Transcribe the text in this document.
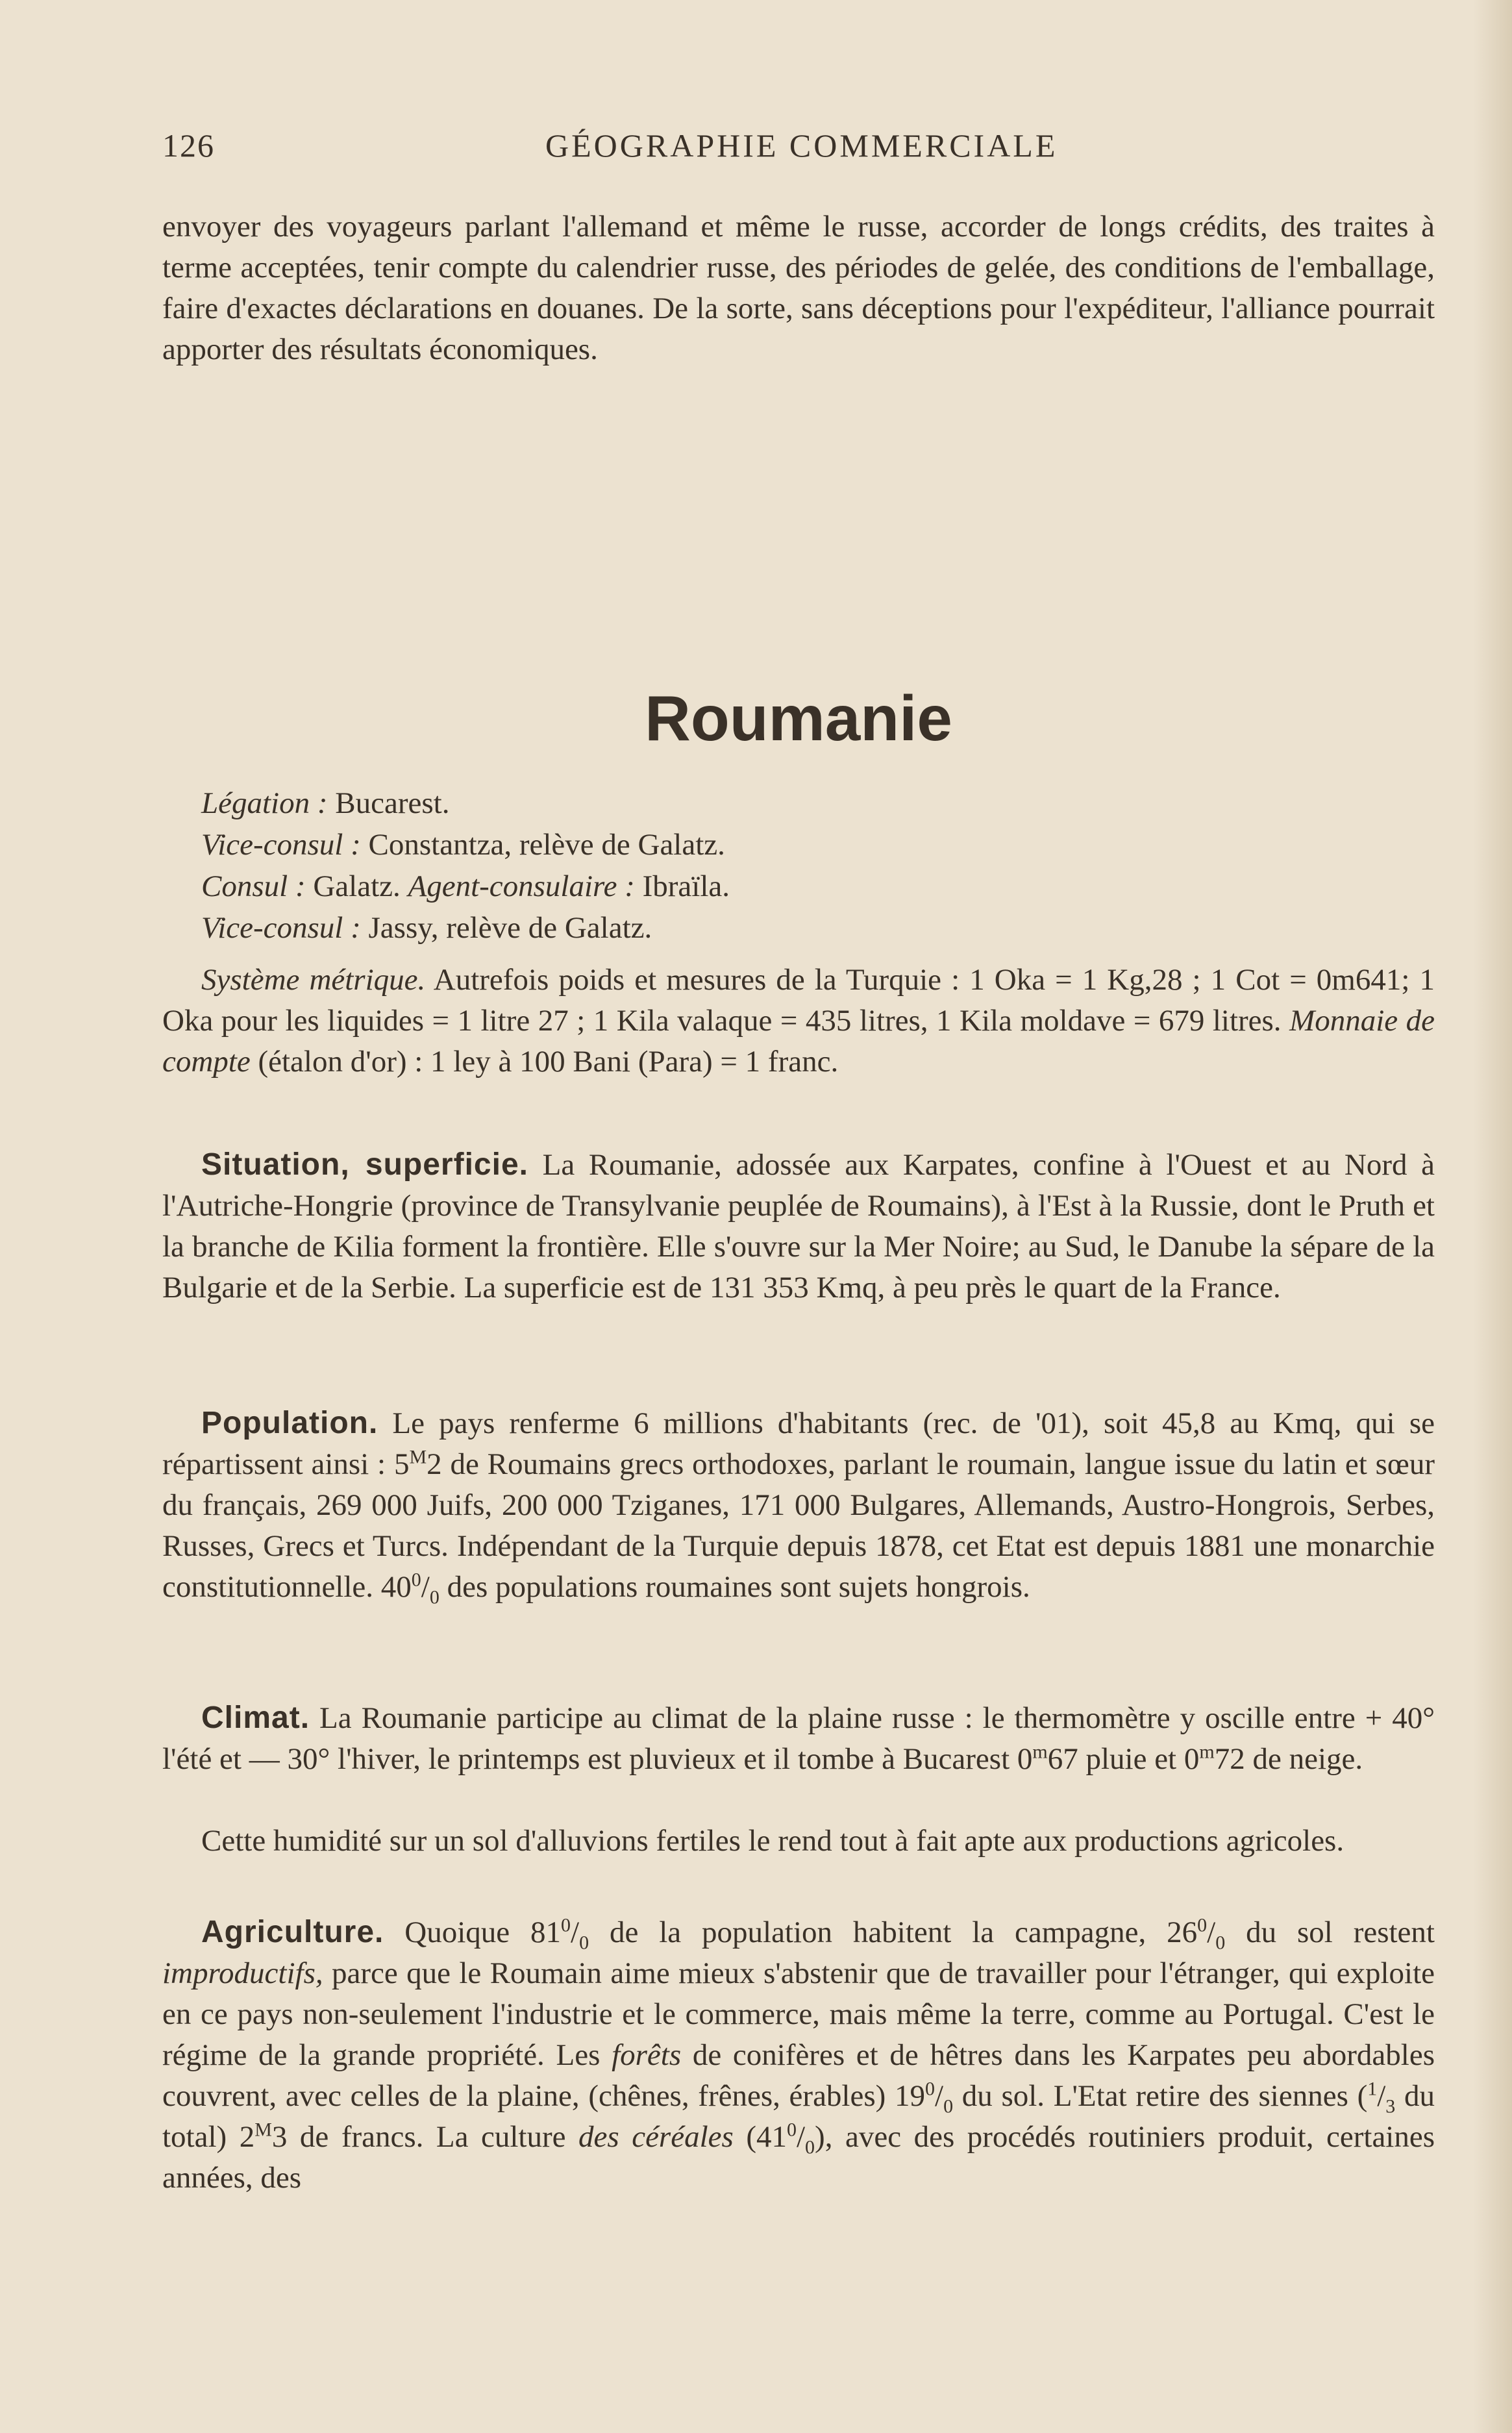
126	GÉOGRAPHIE COMMERCIALE
envoyer des voyageurs parlant l'allemand et même le russe, accorder de longs crédits, des traites à terme acceptées, tenir compte du calendrier russe, des périodes de gelée, des conditions de l'emballage, faire d'exactes déclarations en douanes. De la sorte, sans déceptions pour l'expéditeur, l'alliance pourrait apporter des résultats économiques.
Roumanie
Légation : Bucarest.
Vice-consul : Constantza, relève de Galatz.
Consul : Galatz. Agent-consulaire : Ibraïla.
Vice-consul : Jassy, relève de Galatz.
Système métrique. Autrefois poids et mesures de la Turquie : 1 Oka = 1 Kg,28 ; 1 Cot = 0m641; 1 Oka pour les liquides = 1 litre 27 ; 1 Kila valaque = 435 litres, 1 Kila moldave = 679 litres. Monnaie de compte (étalon d'or) : 1 ley à 100 Bani (Para) = 1 franc.
Situation, superficie. La Roumanie, adossée aux Karpates, confine à l'Ouest et au Nord à l'Autriche-Hongrie (province de Transylvanie peuplée de Roumains), à l'Est à la Russie, dont le Pruth et la branche de Kilia forment la frontière. Elle s'ouvre sur la Mer Noire; au Sud, le Danube la sépare de la Bulgarie et de la Serbie. La superficie est de 131 353 Kmq, à peu près le quart de la France.
Population. Le pays renferme 6 millions d'habitants (rec. de '01), soit 45,8 au Kmq, qui se répartissent ainsi : $5^M2$ de Roumains grecs orthodoxes, parlant le roumain, langue issue du latin et sœur du français, 269 000 Juifs, 200 000 Tziganes, 171 000 Bulgares, Allemands, Austro-Hongrois, Serbes, Russes, Grecs et Turcs. Indépendant de la Turquie depuis 1878, cet Etat est depuis 1881 une monarchie constitutionnelle. $40^0/_0$ des populations roumaines sont sujets hongrois.
Climat. La Roumanie participe au climat de la plaine russe : le thermomètre y oscille entre + 40° l'été et — 30° l'hiver, le printemps est pluvieux et il tombe à Bucarest 0$^m$67 pluie et 0$^m$72 de neige.
Cette humidité sur un sol d'alluvions fertiles le rend tout à fait apte aux productions agricoles.
Agriculture. Quoique $81^0/_0$ de la population habitent la campagne, $26^0/_0$ du sol restent improductifs, parce que le Roumain aime mieux s'abstenir que de travailler pour l'étranger, qui exploite en ce pays non-seulement l'industrie et le commerce, mais même la terre, comme au Portugal. C'est le régime de la grande propriété. Les forêts de conifères et de hêtres dans les Karpates peu abordables couvrent, avec celles de la plaine, (chênes, frênes, érables) $19^0/_0$ du sol. L'Etat retire des siennes ($^1/_3$ du total) $2^M3$ de francs. La culture des céréales $(41^0/_0)$, avec des procédés routiniers produit, certaines années, des
